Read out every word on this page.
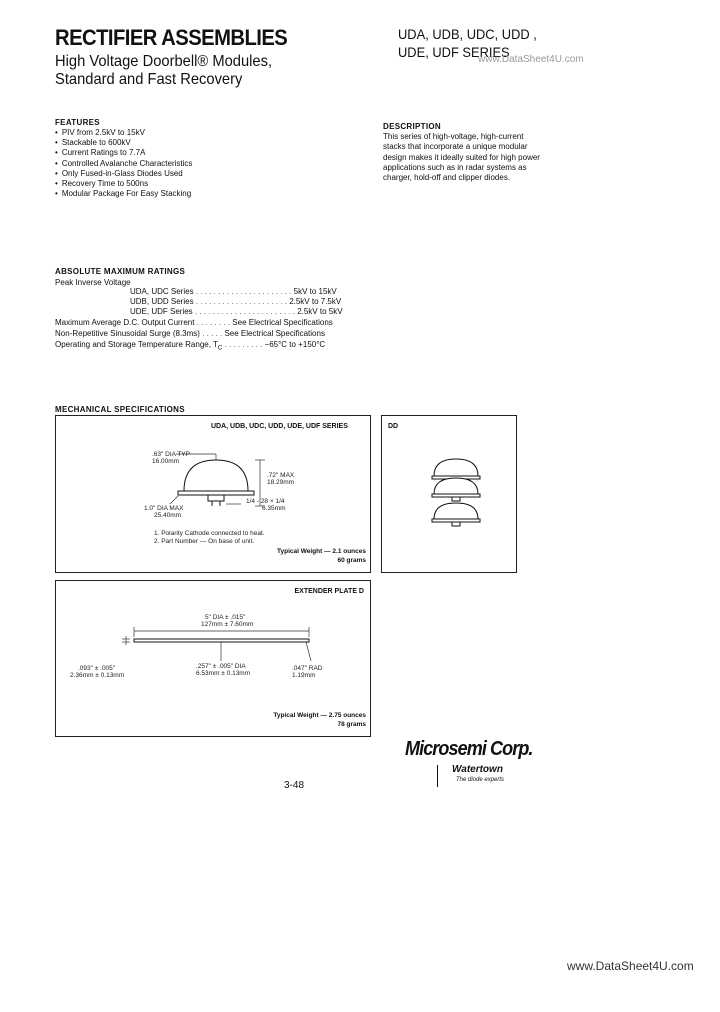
RECTIFIER ASSEMBLIES
High Voltage Doorbell® Modules,
Standard and Fast Recovery
UDA, UDB, UDC, UDD ,
UDE, UDF SERIES
www.DataSheet4U.com
FEATURES
• PIV from 2.5kV to 15kV
• Stackable to 600kV
• Current Ratings to 7.7A
• Controlled Avalanche Characteristics
• Only Fused-in-Glass Diodes Used
• Recovery Time to 500ns
• Modular Package For Easy Stacking
DESCRIPTION
This series of high-voltage, high-current stacks that incorporate a unique modular design makes it ideally suited for high power applications such as in radar systems as charger, hold-off and clipper diodes.
ABSOLUTE MAXIMUM RATINGS
Peak Inverse Voltage
UDA, UDC Series . . . . . . . . . . . . . . . . . . . . . . 5kV to 15kV
UDB, UDD Series . . . . . . . . . . . . . . . . . . . . . 2.5kV to 7.5kV
UDE, UDF Series . . . . . . . . . . . . . . . . . . . . . . . 2.5kV to 5kV
Maximum Average D.C. Output Current . . . . . . . . See Electrical Specifications
Non-Repetitive Sinusoidal Surge (8.3ms) . . . . . See Electrical Specifications
Operating and Storage Temperature Range, $T_C$ . . . . . . . . . −65°C to +150°C
MECHANICAL SPECIFICATIONS
UDA, UDB, UDC, UDD, UDE, UDF SERIES
.63" DIA TYP
16.00mm
.72" MAX
18.29mm
1/4 - 28 × 1/4
6.35mm
1.0" DIA MAX
25.40mm
1. Polarity Cathode connected to heat.
2. Part Number — On base of unit.
Typical Weight — 2.1 ounces
60 grams
DD
EXTENDER PLATE D
5" DIA ± .015"
127mm ± 7.60mm
.093" ± .005"
2.36mm ± 0.13mm
.257" ± .005" DIA
6.53mm ± 0.13mm
.047" RAD
1.19mm
Typical Weight — 2.75 ounces
78 grams
3-48
Microsemi Corp.
Watertown
The diode experts
www.DataSheet4U.com
